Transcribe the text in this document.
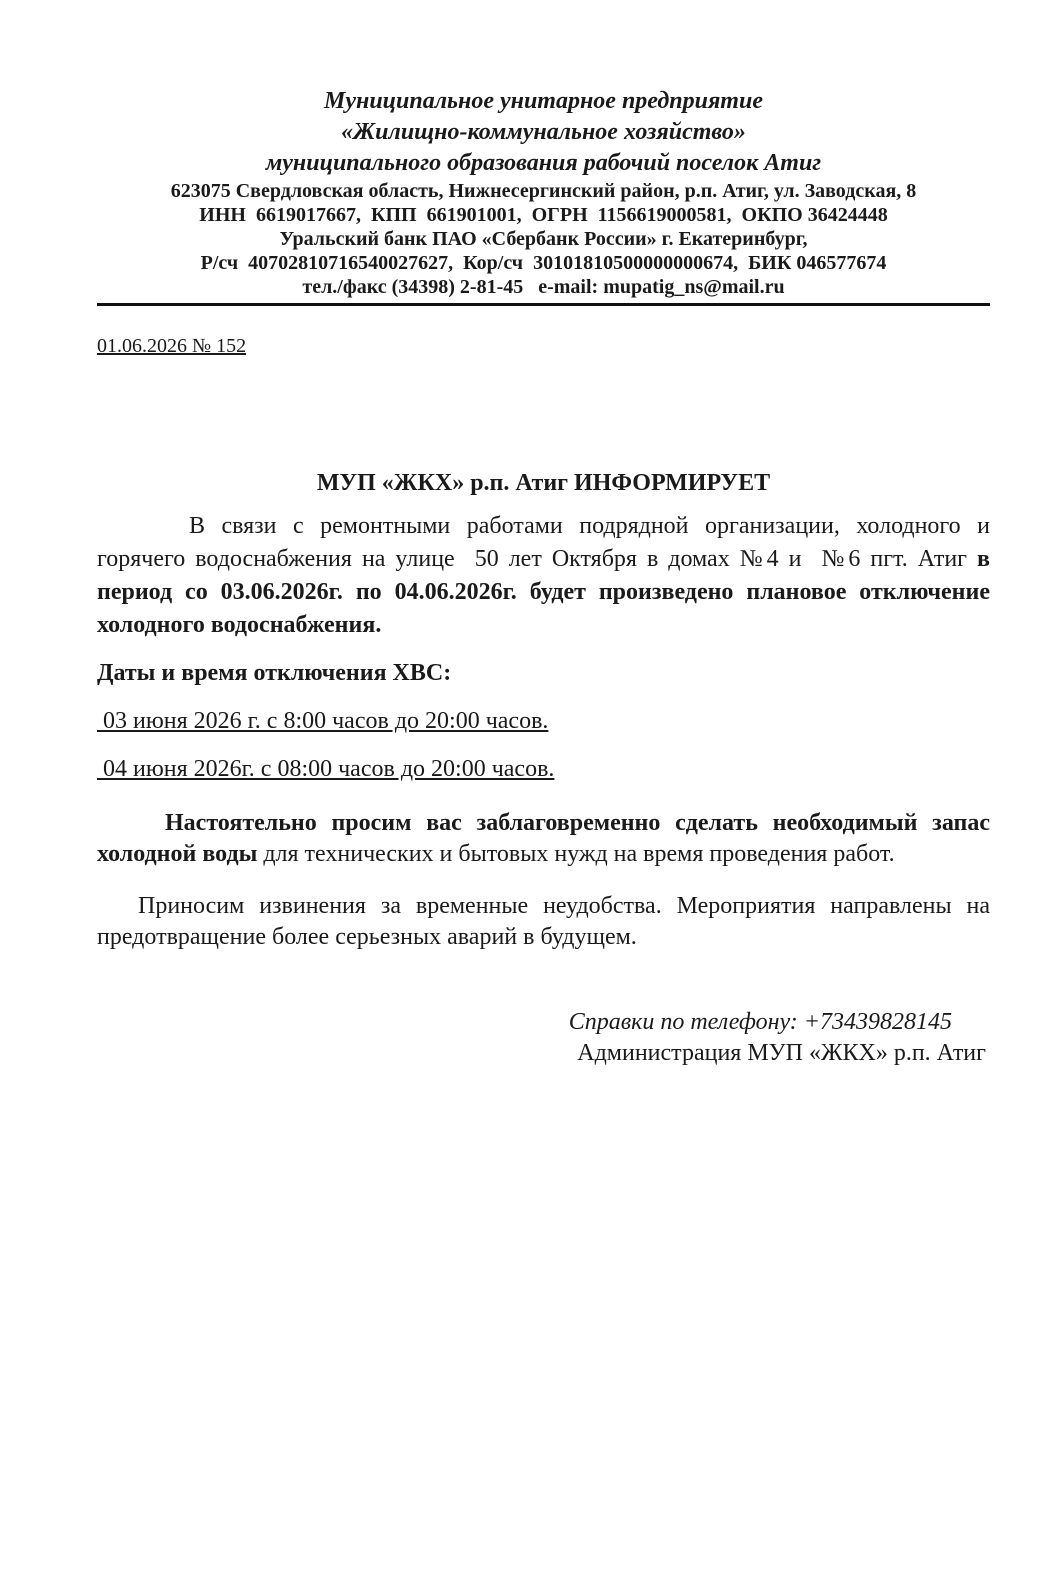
Муниципальное унитарное предприятие
«Жилищно-коммунальное хозяйство»
муниципального образования рабочий поселок Атиг
623075 Свердловская область, Нижнесергинский район, р.п. Атиг, ул. Заводская, 8
ИНН  6619017667,  КПП  661901001,  ОГРН  1156619000581,  ОКПО 36424448
Уральский банк ПАО «Сбербанк России» г. Екатеринбург,
Р/сч  40702810716540027627,  Кор/сч  30101810500000000674,  БИК 046577674
тел./факс (34398) 2-81-45   e-mail: mupatig_ns@mail.ru
01.06.2026 № 152
МУП «ЖКХ» р.п. Атиг ИНФОРМИРУЕТ

В связи с ремонтными работами подрядной организации, холодного и горячего водоснабжения на улице 50 лет Октября в домах №4 и №6 пгт. Атиг в период со 03.06.2026г. по 04.06.2026г. будет произведено плановое отключение холодного водоснабжения.

Даты и время отключения ХВС:
03 июня 2026 г. с 8:00 часов до 20:00 часов.
04 июня 2026г. с 08:00 часов до 20:00 часов.

Настоятельно просим вас заблаговременно сделать необходимый запас холодной воды для технических и бытовых нужд на время проведения работ.

Приносим извинения за временные неудобства. Мероприятия направлены на предотвращение более серьезных аварий в будущем.

Справки по телефону: +73439828145
Администрация МУП «ЖКХ» р.п. Атиг
